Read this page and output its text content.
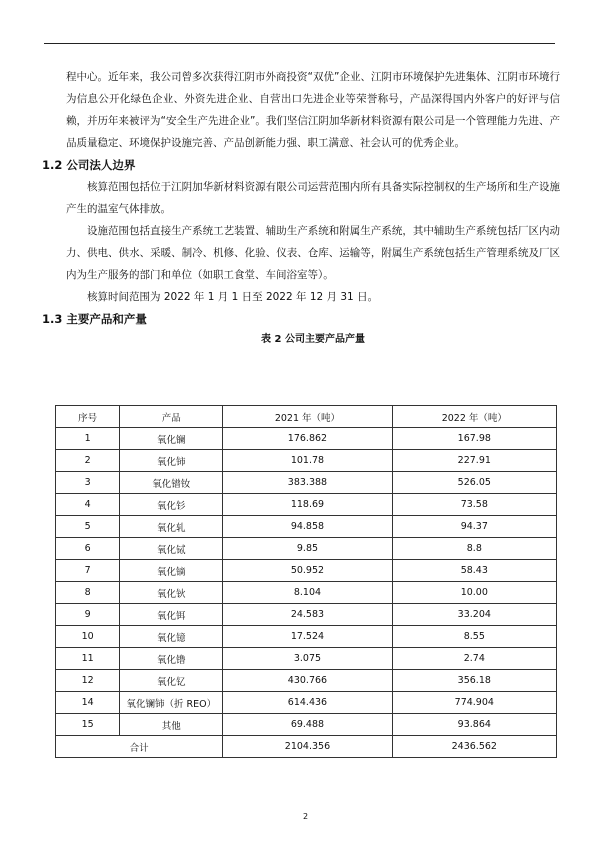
程中心。近年来，我公司曾多次获得江阴市外商投资“双优”企业、江阴市环境保护先进集体、江阴市环境行为信息公开化绿色企业、外资先进企业、自营出口先进企业等荣誉称号，产品深得国内外客户的好评与信赖，并历年来被评为“安全生产先进企业”。我们坚信江阴加华新材料资源有限公司是一个管理能力先进、产品质量稳定、环境保护设施完善、产品创新能力强、职工满意、社会认可的优秀企业。

1.2 公司法人边界

核算范围包括位于江阴加华新材料资源有限公司运营范围内所有具备实际控制权的生产场所和生产设施产生的温室气体排放。

设施范围包括直接生产系统工艺装置、辅助生产系统和附属生产系统，其中辅助生产系统包括厂区内动力、供电、供水、采暖、制冷、机修、化验、仪表、仓库、运输等，附属生产系统包括生产管理系统及厂区内为生产服务的部门和单位（如职工食堂、车间浴室等）。

核算时间范围为 2022 年 1 月 1 日至 2022 年 12 月 31 日。

1.3 主要产品和产量

表 2 公司主要产品产量
序号	产品	2021 年（吨）	2022 年（吨）
1	氧化镧	176.862	167.98
2	氧化铈	101.78	227.91
3	氧化镨钕	383.388	526.05
4	氧化钐	118.69	73.58
5	氧化轧	94.858	94.37
6	氧化铽	9.85	8.8
7	氧化镝	50.952	58.43
8	氧化钬	8.104	10.00
9	氧化铒	24.583	33.204
10	氧化镱	17.524	8.55
11	氧化镥	3.075	2.74
12	氧化钇	430.766	356.18
14	氧化镧铈（折 REO）	614.436	774.904
15	其他	69.488	93.864
合计		2104.356	2436.562
2
